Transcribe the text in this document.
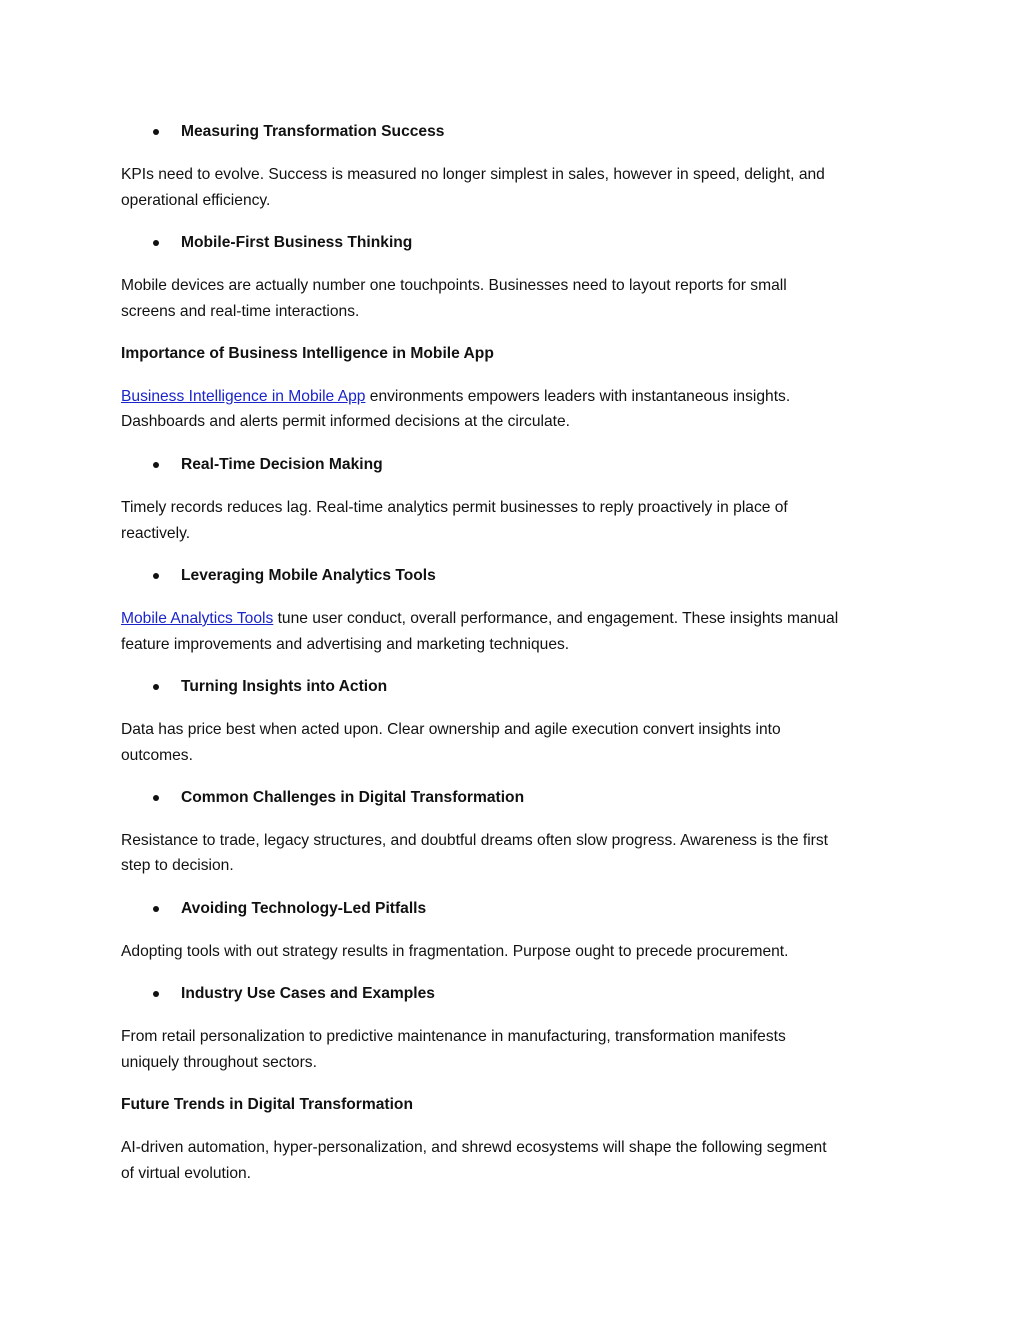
Measuring Transformation Success
KPIs need to evolve. Success is measured no longer simplest in sales, however in speed, delight, and
operational efficiency.
Mobile-First Business Thinking
Mobile devices are actually number one touchpoints. Businesses need to layout reports for small
screens and real-time interactions.
Importance of Business Intelligence in Mobile App
Business Intelligence in Mobile App environments empowers leaders with instantaneous insights.
Dashboards and alerts permit informed decisions at the circulate.
Real-Time Decision Making
Timely records reduces lag. Real-time analytics permit businesses to reply proactively in place of
reactively.
Leveraging Mobile Analytics Tools
Mobile Analytics Tools tune user conduct, overall performance, and engagement. These insights manual
feature improvements and advertising and marketing techniques.
Turning Insights into Action
Data has price best when acted upon. Clear ownership and agile execution convert insights into
outcomes.
Common Challenges in Digital Transformation
Resistance to trade, legacy structures, and doubtful dreams often slow progress. Awareness is the first
step to decision.
Avoiding Technology-Led Pitfalls
Adopting tools with out strategy results in fragmentation. Purpose ought to precede procurement.
Industry Use Cases and Examples
From retail personalization to predictive maintenance in manufacturing, transformation manifests
uniquely throughout sectors.
Future Trends in Digital Transformation
AI-driven automation, hyper-personalization, and shrewd ecosystems will shape the following segment
of virtual evolution.
